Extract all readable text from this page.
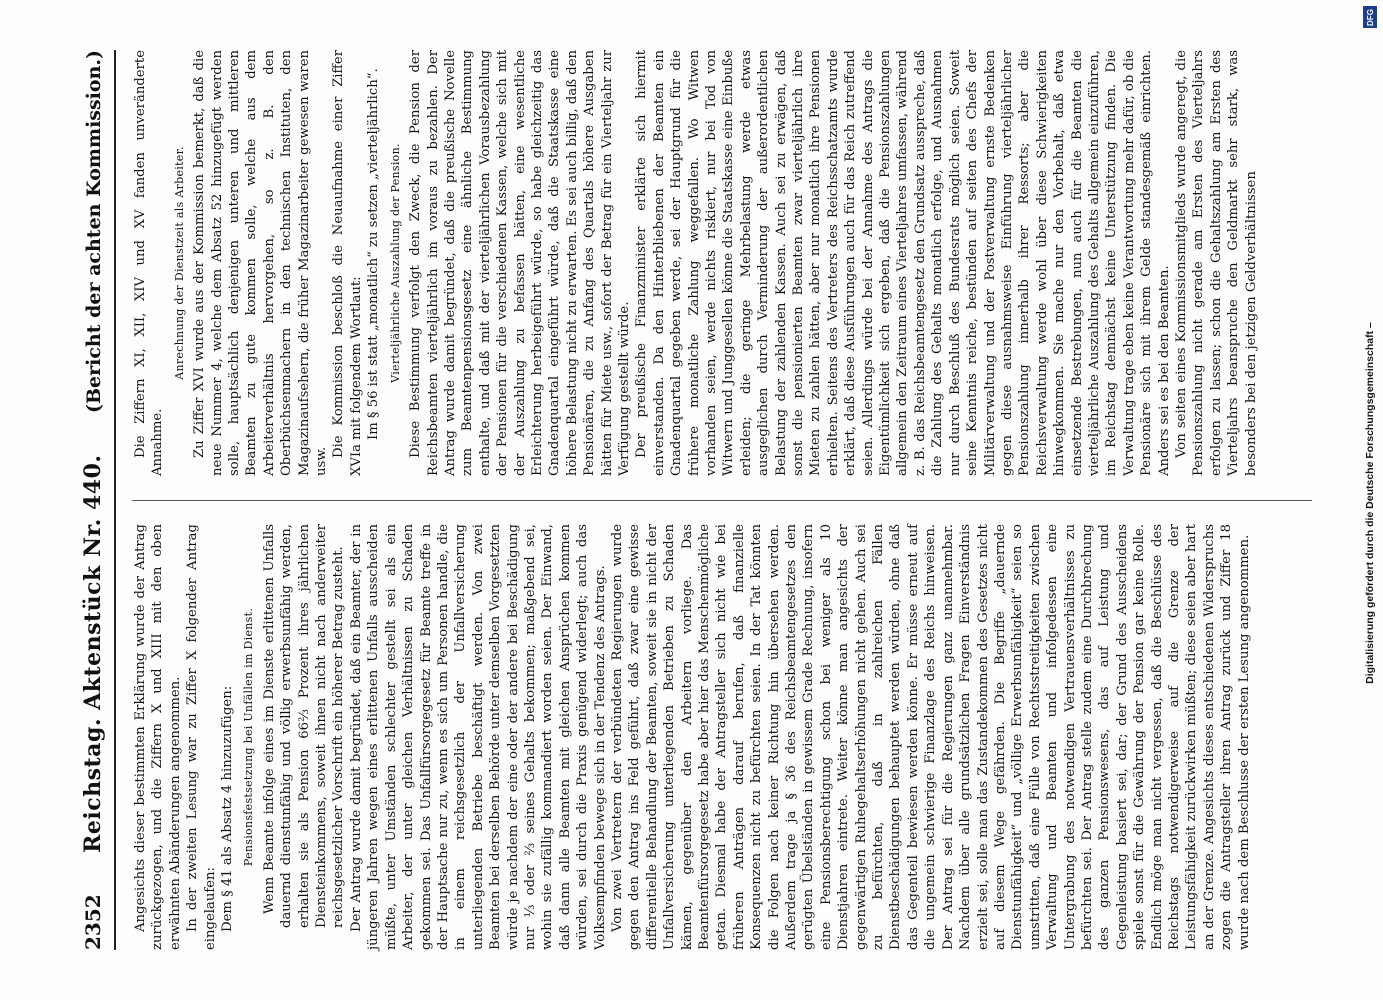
2352
Reichstag. Aktenstück Nr. 440.
(Bericht der achten Kommission.)

Angesichts dieser bestimmten Erklärung wurde der Antrag zurückgezogen, und die Ziffern X und XIII mit den oben erwähnten Abänderungen angenommen. In der zweiten Lesung war zu Ziffer X folgender Antrag eingelaufen: Dem § 41 als Absatz 4 hinzuzufügen: Pensionsfestsetzung bei Unfällen im Dienst. Wenn Beamte infolge eines im Dienste erlittenen Unfalls dauernd dienstunfähig und völlig erwerbsunfähig werden, erhalten sie als Pension 66⅔ Prozent ihres jährlichen Diensteinkommens, soweit ihnen nicht nach anderweiter reichsgesetzlicher Vorschrift ein höherer Betrag zusteht. Der Antrag wurde damit begründet, daß ein Beamter, der in jüngeren Jahren wegen eines erlittenen Unfalls ausscheiden müßte, unter Umständen schlechter gestellt sei als ein Arbeiter, der unter gleichen Verhältnissen zu Schaden gekommen sei. Das Unfallfürsorgegesetz für Beamte treffe in der Hauptsache nur zu, wenn es sich um Personen handle, die in einem reichsgesetzlich der Unfallversicherung unterliegenden Betriebe beschäftigt werden. Von zwei Beamten bei derselben Behörde unter demselben Vorgesetzten würde je nachdem der eine oder der andere bei Beschädigung nur ⅓ oder ⅔ seines Gehalts bekommen; maßgebend sei, wohin sie zufällig kommandiert worden seien. Der Einwand, daß dann alle Beamten mit gleichen Ansprüchen kommen würden, sei durch die Praxis genügend widerlegt; auch das Volksempfinden bewege sich in der Tendenz des Antrags. Von zwei Vertretern der verbündeten Regierungen wurde gegen den Antrag ins Feld geführt, daß zwar eine gewisse differentielle Behandlung der Beamten, soweit sie in nicht der Unfallversicherung unterliegenden Betrieben zu Schaden kämen, gegenüber den Arbeitern vorliege. Das Beamtenfürsorgegesetz habe aber hier das Menschenmögliche getan. Diesmal habe der Antragsteller sich nicht wie bei früheren Anträgen darauf berufen, daß finanzielle Konsequenzen nicht zu befürchten seien. In der Tat könnten die Folgen nach keiner Richtung hin übersehen werden. Außerdem trage ja § 36 des Reichsbeamtengesetzes den gerügten Übelständen in gewissem Grade Rechnung, insofern eine Pensionsberechtigung schon bei weniger als 10 Dienstjahren eintrete. Weiter könne man angesichts der gegenwärtigen Ruhegehaltserhöhungen nicht gehen. Auch sei zu befürchten, daß in zahlreichen Fällen Dienstbeschädigungen behauptet werden würden, ohne daß das Gegenteil bewiesen werden könne. Er müsse erneut auf die ungemein schwierige Finanzlage des Reichs hinweisen. Der Antrag sei für die Regierungen ganz unannehmbar. Nachdem über alle grundsätzlichen Fragen Einverständnis erzielt sei, solle man das Zustandekommen des Gesetzes nicht auf diesem Wege gefährden. Die Begriffe „dauernde Dienstunfähigkeit“ und „völlige Erwerbsunfähigkeit“ seien so umstritten, daß eine Fülle von Rechtsstreitigkeiten zwischen Verwaltung und Beamten und infolgedessen eine Untergrabung des notwendigen Vertrauensverhältnisses zu befürchten sei. Der Antrag stelle zudem eine Durchbrechung des ganzen Pensionswesens, das auf Leistung und Gegenleistung basiert sei, dar; der Grund des Ausscheidens spiele sonst für die Gewährung der Pension gar keine Rolle. Endlich möge man nicht vergessen, daß die Beschlüsse des Reichstags notwendigerweise auf die Grenze der Leistungsfähigkeit zurückwirken müßten; diese seien aber hart an der Grenze. Angesichts dieses entschiedenen Widerspruchs zogen die Antragsteller ihren Antrag zurück und Ziffer 18 wurde nach dem Beschlusse der ersten Lesung angenommen.

Die Ziffern XI, XII, XIV und XV fanden unveränderte Annahme.

Anrechnung der Dienstzeit als Arbeiter. Zu Ziffer XVI wurde aus der Kommission bemerkt, daß die neue Nummer 4, welche dem Absatz 52 hinzugefügt werden solle, hauptsächlich denjenigen unteren und mittleren Beamten zu gute kommen solle, welche aus dem Arbeiterverhältnis hervorgehen, so z. B. den Oberbüchsenmachern in den technischen Instituten, den Magazinaufsehern, die früher Magazinarbeiter gewesen waren usw.

Die Kommission beschloß die Neuaufnahme einer Ziffer XVIa mit folgendem Wortlaut: Im § 56 ist statt „monatlich“ zu setzen „vierteljährlich“. Vierteljährliche Auszahlung der Pension. Diese Bestimmung verfolgt den Zweck, die Pension der Reichsbeamten vierteljährlich im voraus zu bezahlen. Der Antrag wurde damit begründet, daß die preußische Novelle zum Beamtenpensionsgesetz eine ähnliche Bestimmung enthalte, und daß mit der vierteljährlichen Vorausbezahlung der Pensionen für die verschiedenen Kassen, welche sich mit der Auszahlung zu befassen hätten, eine wesentliche Erleichterung herbeigeführt würde, so habe gleichzeitig das Gnadenquartal eingeführt würde, daß die Staatskasse eine höhere Belastung nicht zu erwarten. Es sei auch billig, daß den Pensionären, die zu Anfang des Quartals höhere Ausgaben hätten für Miete usw., sofort der Betrag für ein Vierteljahr zur Verfügung gestellt würde. Der preußische Finanzminister erklärte sich hiermit einverstanden. Da den Hinterbliebenen der Beamten ein Gnadenquartal gegeben werde, sei der Hauptgrund für die frühere monatliche Zahlung weggefallen. Wo Witwen vorhanden seien, werde nichts riskiert, nur bei Tod von Witwern und Junggesellen könne die Staatskasse eine Einbuße erleiden; die geringe Mehrbelastung werde etwas ausgeglichen durch Verminderung der außerordentlichen Belastung der zahlenden Kassen. Auch sei zu erwägen, daß sonst die pensionierten Beamten zwar vierteljährlich ihre Mieten zu zahlen hätten, aber nur monatlich ihre Pensionen erhielten. Seitens des Vertreters des Reichsschatzamts wurde erklärt, daß diese Ausführungen auch für das Reich zutreffend seien. Allerdings würde bei der Annahme des Antrags die Eigentümlichkeit sich ergeben, daß die Pensionszahlungen allgemein den Zeitraum eines Vierteljahres umfassen, während z. B. das Reichsbeamtengesetz den Grundsatz ausspreche, daß die Zahlung des Gehalts monatlich erfolge, und Ausnahmen nur durch Beschluß des Bundesrats möglich seien. Soweit seine Kenntnis reiche, bestünden auf seiten des Chefs der Militärverwaltung und der Postverwaltung ernste Bedenken gegen diese ausnahmsweise Einführung vierteljährlicher Pensionszahlung innerhalb ihrer Ressorts; aber die Reichsverwaltung werde wohl über diese Schwierigkeiten hinwegkommen. Sie mache nur den Vorbehalt, daß etwa einsetzende Bestrebungen, nun auch für die Beamten die vierteljährliche Auszahlung des Gehalts allgemein einzuführen, im Reichstag demnächst keine Unterstützung finden. Die Verwaltung trage eben keine Verantwortung mehr dafür, ob die Pensionäre sich mit ihrem Gelde standesgemäß einrichten. Anders sei es bei den Beamten. Von seiten eines Kommissionsmitglieds wurde angeregt, die Pensionszahlung nicht gerade am Ersten des Vierteljahrs erfolgen zu lassen; schon die Gehaltszahlung am Ersten des Vierteljahrs beanspruche den Geldmarkt sehr stark, was besonders bei den jetzigen Geldverhältnissen	Digitalisierung gefördert durch die Deutsche Forschungsgemeinschaft –
DFG
